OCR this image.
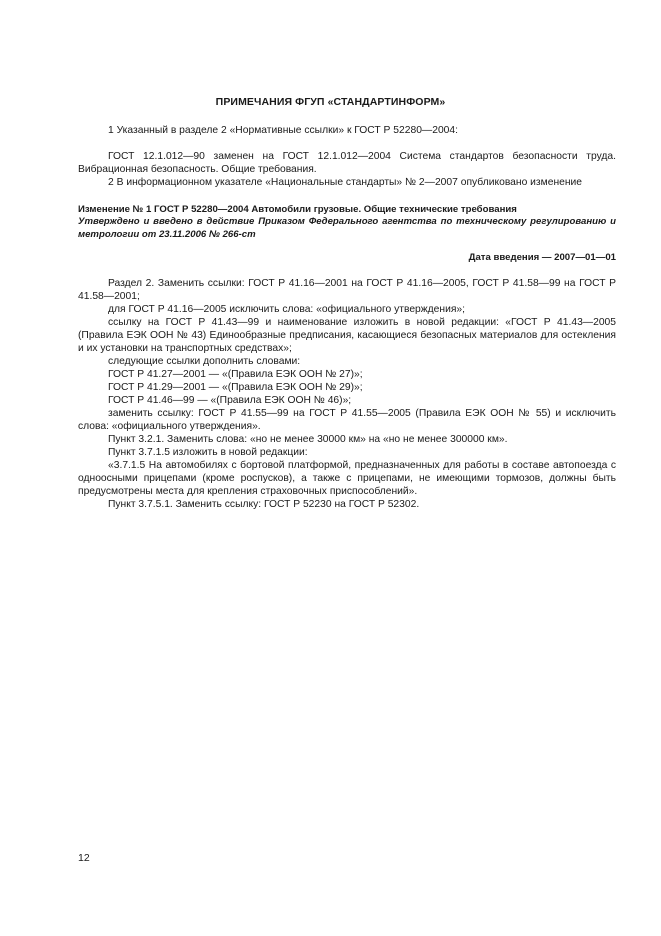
ПРИМЕЧАНИЯ ФГУП «СТАНДАРТИНФОРМ»

1 Указанный в разделе 2 «Нормативные ссылки» к ГОСТ Р 52280—2004:

ГОСТ 12.1.012—90 заменен на ГОСТ 12.1.012—2004 Система стандартов безопасности труда. Вибрационная безопасность. Общие требования.

2 В информационном указателе «Национальные стандарты» № 2—2007 опубликовано изменение

Изменение № 1 ГОСТ Р 52280—2004 Автомобили грузовые. Общие технические требования

Утверждено и введено в действие Приказом Федерального агентства по техническому регулированию и метрологии от 23.11.2006 № 266-ст

Дата введения — 2007—01—01

Раздел 2. Заменить ссылки: ГОСТ Р 41.16—2001 на ГОСТ Р 41.16—2005, ГОСТ Р 41.58—99 на ГОСТ Р 41.58—2001;

для ГОСТ Р 41.16—2005 исключить слова: «официального утверждения»;

ссылку на ГОСТ Р 41.43—99 и наименование изложить в новой редакции: «ГОСТ Р 41.43—2005 (Правила ЕЭК ООН № 43) Единообразные предписания, касающиеся безопасных материалов для остекления и их установки на транспортных средствах»;

следующие ссылки дополнить словами:

ГОСТ Р 41.27—2001 — «(Правила ЕЭК ООН № 27)»;

ГОСТ Р 41.29—2001 — «(Правила ЕЭК ООН № 29)»;

ГОСТ Р 41.46—99 — «(Правила ЕЭК ООН № 46)»;

заменить ссылку: ГОСТ Р 41.55—99 на ГОСТ Р 41.55—2005 (Правила ЕЭК ООН № 55) и исключить слова: «официального утверждения».

Пункт 3.2.1. Заменить слова: «но не менее 30000 км» на «но не менее 300000 км».

Пункт 3.7.1.5 изложить в новой редакции:

«3.7.1.5 На автомобилях с бортовой платформой, предназначенных для работы в составе автопоезда с одноосными прицепами (кроме роспусков), а также с прицепами, не имеющими тормозов, должны быть предусмотрены места для крепления страховочных приспособлений».

Пункт 3.7.5.1. Заменить ссылку: ГОСТ Р 52230 на ГОСТ Р 52302.

12
